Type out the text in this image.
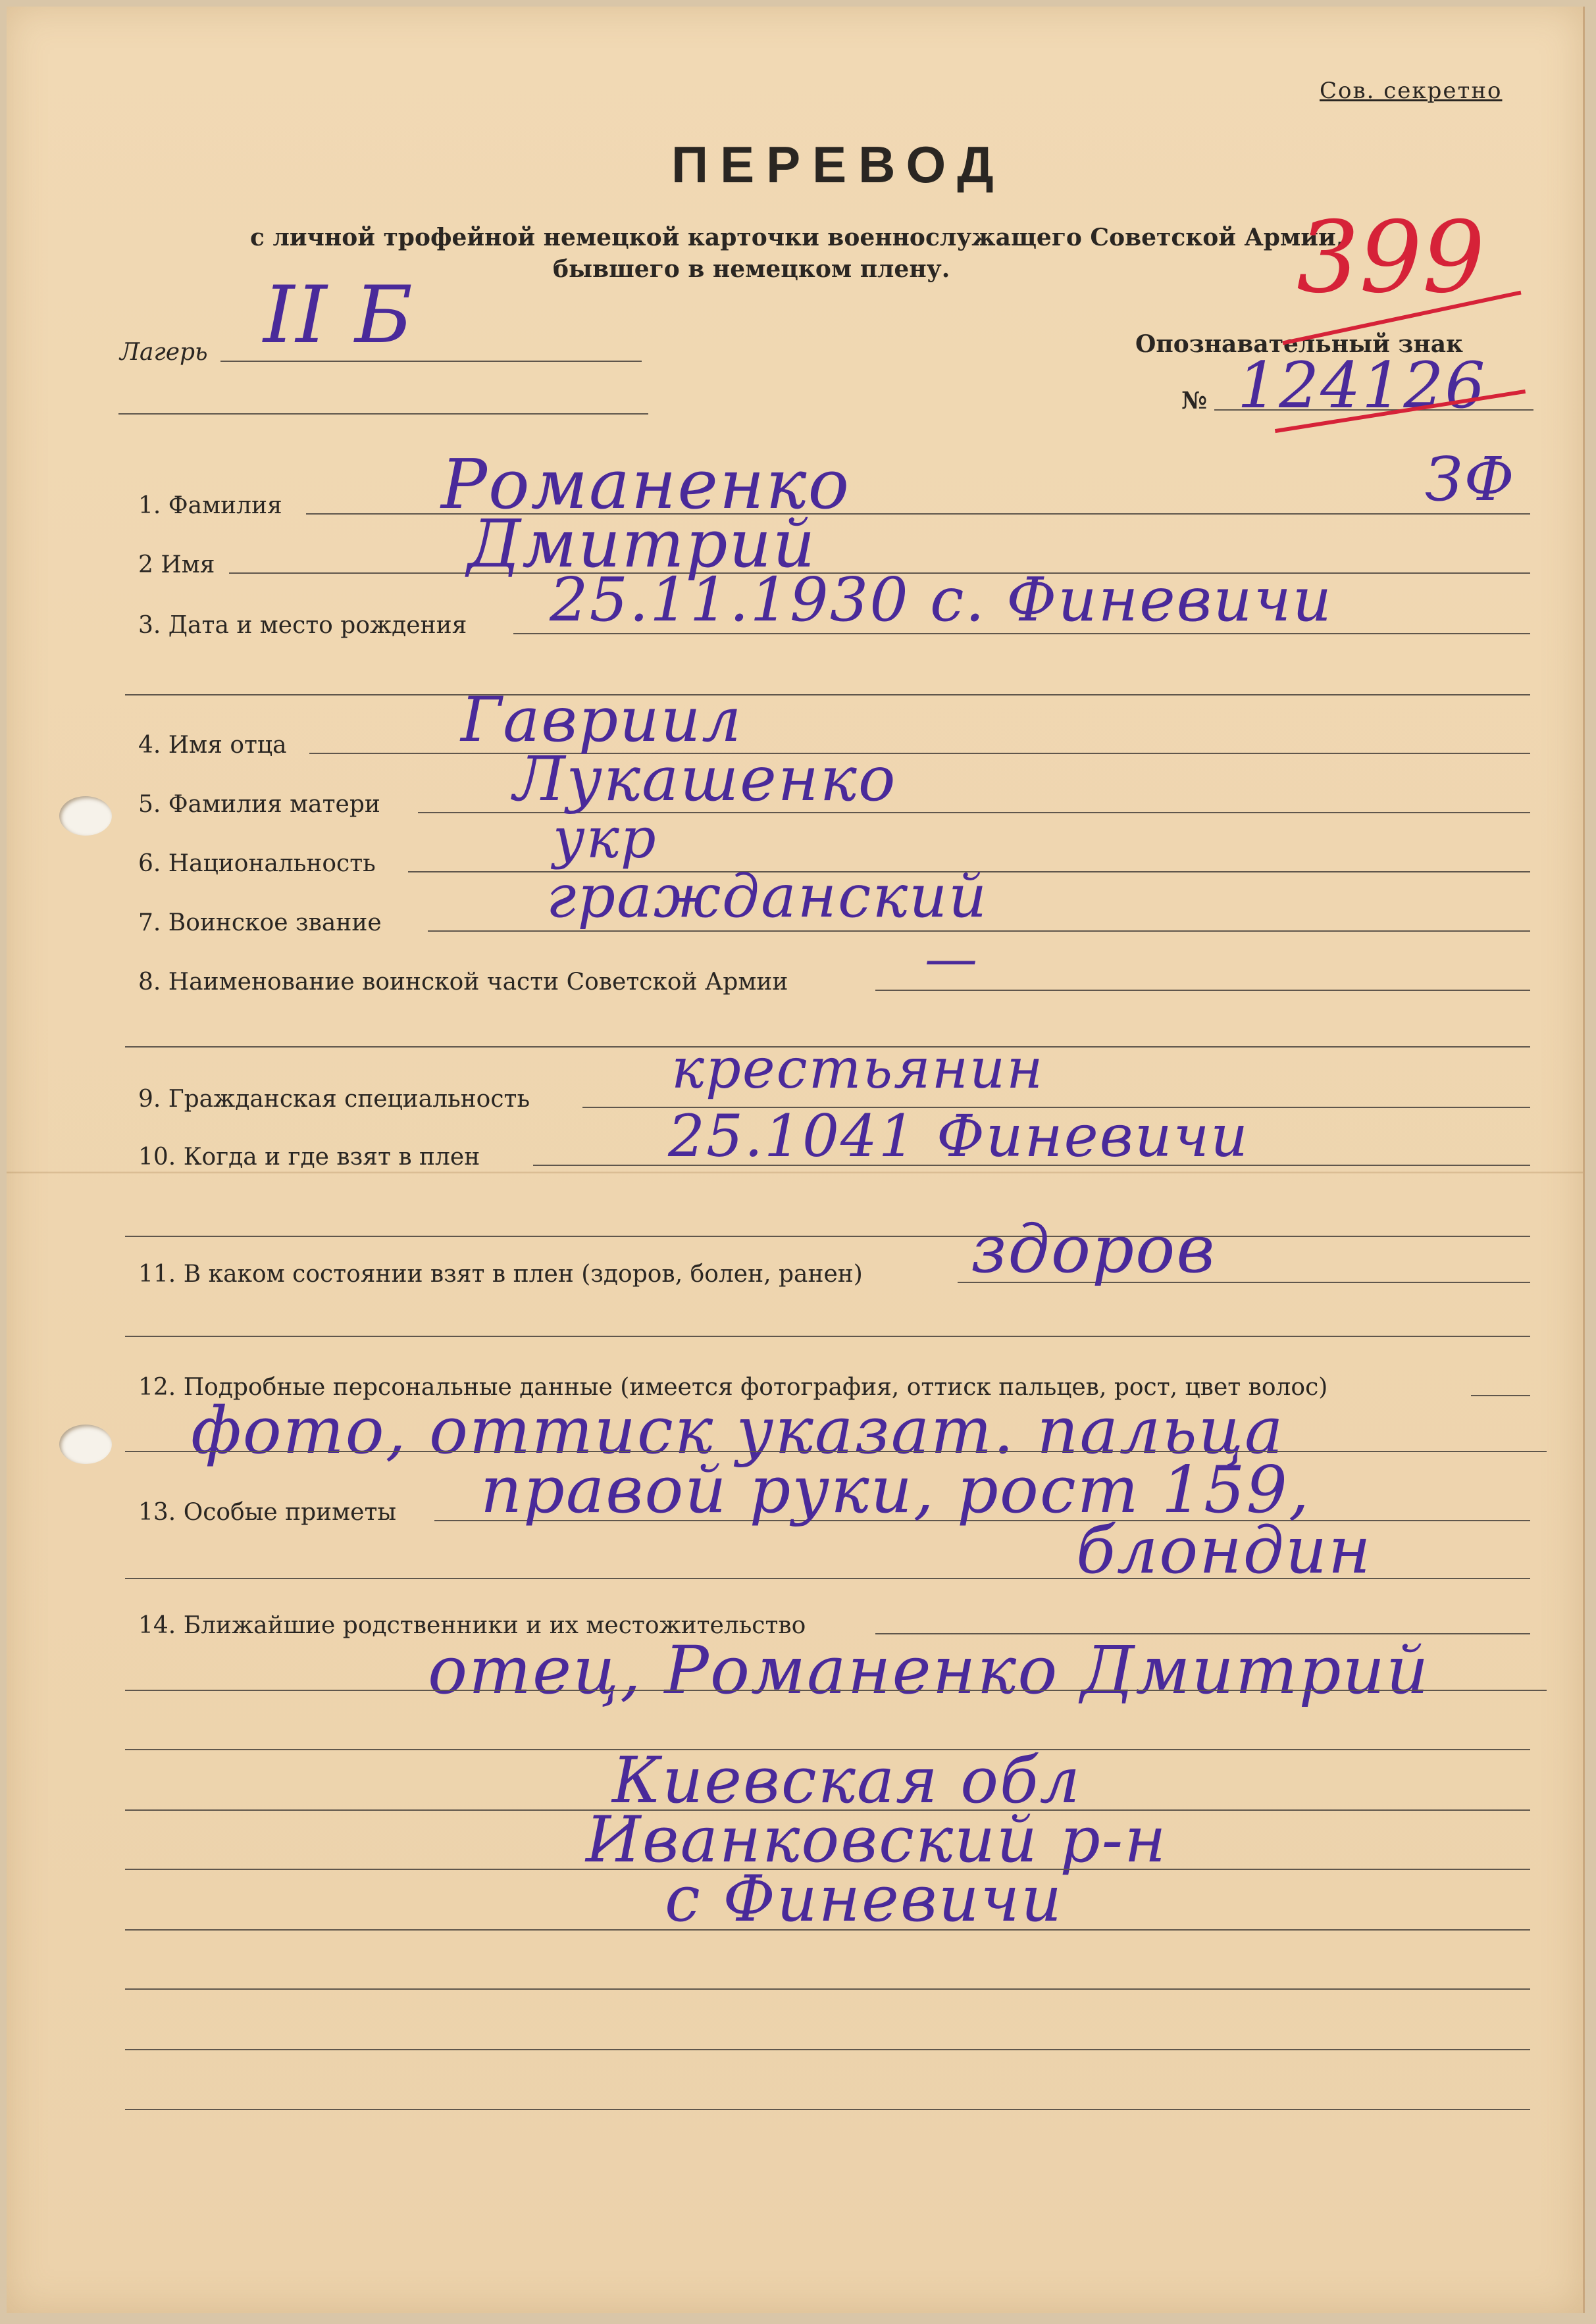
Сов. секретно
ПЕРЕВОД
с личной трофейной немецкой карточки военнослужащего Советской Армии,
бывшего в немецком плену.
Лагерь II Б	Опознавательный знак
№ 124126
399
1. Фамилия Романенко	ЗФ
2 Имя	Дмитрий
3. Дата и место рождения 25.11.1930 с. Финевичи
4. Имя отца	Гавриил
5. Фамилия матери Лукашенко
6. Национальность	укр
7. Воинское звание	гражданский
8. Наименование воинской части Советской Армии	—
9. Гражданская специальность	крестьянин
10. Когда и где взят в плен	25.1041 Финевичи
11. В каком состоянии взят в плен (здоров, болен, ранен) здоров
12. Подробные персональные данные (имеется фотография, оттиск пальцев, рост, цвет волос)
фото, оттиск указат. пальца
13. Особые приметы правой руки, рост 159,
блондин
14. Ближайшие родственники и их местожительство
отец, Романенко Дмитрий
Киевская обл
Иванковский р-н
с Финевичи
